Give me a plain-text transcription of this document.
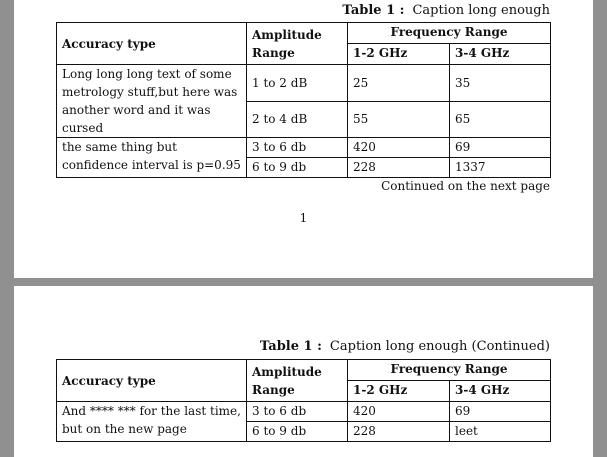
Table 1 : Caption long enough
Accuracy type	Amplitude Range	Frequency Range	
		1-2 GHz	3-4 GHz
Long long long text of some metrology stuff,but here was another word and it was cursed	1 to 2 dB	25	35
	2 to 4 dB	55	65
the same thing but confidence interval is p=0.95	3 to 6 db	420	69
	6 to 9 db	228	1337
Continued on the next page
1
Table 1 : Caption long enough (Continued)
Accuracy type	Amplitude Range	Frequency Range	
		1-2 GHz	3-4 GHz
And **** *** for the last time, but on the new page	3 to 6 db	420	69
	6 to 9 db	228	leet
